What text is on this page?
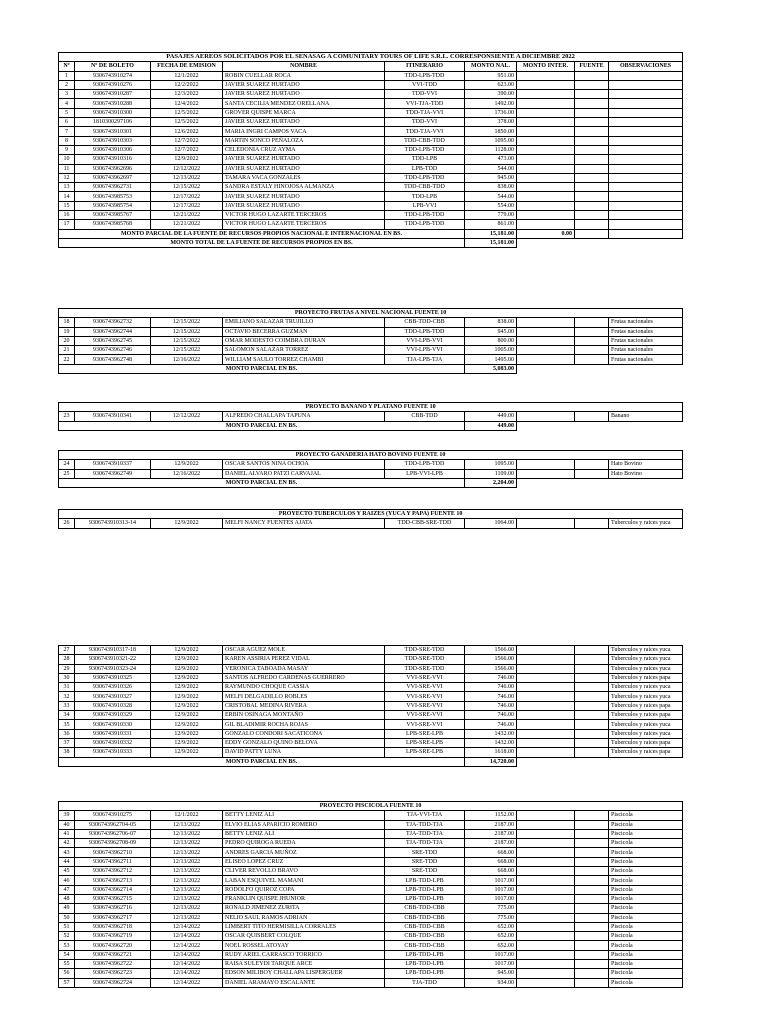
PASAJES AEREOS SOLICITADOS POR EL SENASAG A COMUNITARY TOURS OF LIFE S.R.L. CORRESPONSIENTE A DICIEMBRE 2022								
Nº	Nº DE BOLETO	FECHA DE EMISION	NOMBRE	ITINERARIO	MONTO NAL.	MONTO INTER.	FUENTE	OBSERVACIONES
1	9306743910274	12/1/2022	ROBIN CUELLAR ROCA	TDD-LPB-TDD	951.00			
2	9306743910276	12/2/2022	JAVIER SUAREZ HURTADO	VVI-TDD	623.00			
3	9306743910287	12/3/2022	JAVIER SUAREZ HURTADO	TDD-VVI	390.00			
4	9306743910288	12/4/2022	SANTA CECILIA MENDEZ ORELLANA	VVI-TJA-TDD	1492.00			
5	9306743910300	12/5/2022	GROVER QUISPE MARCA	TDD-TJA-VVI	1736.00			
6	1810300297106	12/5/2022	JAVIER SUAREZ HURTADO	TDD-VVI	378.00			
7	9306743910301	12/6/2022	MARIA INGRI CAMPOS VACA	TDD-TJA-VVI	1850.00			
8	9306743910303	12/7/2022	MARTIN SONCO PEÑALOZA	TDD-CBB-TDD	1095.00			
9	9306743910306	12/7/2022	CELEDONIA CRUZ AYMA	TDD-LPB-TDD	1128.00			
10	9306743910316	12/9/2022	JAVIER SUAREZ HURTADO	TDD-LPB	473.00			
11	9306743962696	12/12/2022	JAVIER SUAREZ HURTADO	LPB-TDD	544.00			
12	9306743962697	12/13/2022	TAMARA VACA GONZALES	TDD-LPB-TDD	945.00			
13	9306743962731	12/15/2022	SANDRA ESTALY HINOJOSA ALMANZA	TDD-CBB-TDD	838.00			
14	9306743985753	12/17/2022	JAVIER SUAREZ HURTADO	TDD-LPB	544.00			
15	9306743985754	12/17/2022	JAVIER SUAREZ HURTADO	LPB-VVI	554.00			
16	9306743985767	12/21/2022	VICTOR HUGO LAZARTE TERCEROS	TDD-LPB-TDD	779.00			
17	9306743985768	12/21/2022	VICTOR HUGO LAZARTE TERCEROS	TDD-LPB-TDD	861.00			
MONTO PARCIAL DE LA FUENTE DE RECURSOS PROPIOS NACIONAL E INTERNACIONAL EN BS.					15,181.00	0.00		
MONTO TOTAL DE LA FUENTE DE RECURSOS PROPIOS EN BS.					15,181.00			
PROYECTO FRUTAS A NIVEL NACIONAL FUENTE 10								
18	9306743962732	12/15/2022	EMILIANO SALAZAR TRUJILLO	CBB-TDD-CBB	838.00			Frutas nacionales
19	9306743962744	12/15/2022	OCTAVIO BECERRA GUZMAN	TDD-LPB-TDD	945.00			Frutas nacionales
20	9306743962745	12/15/2022	OMAR MODESTO COIMBRA DURAN	VVI-LPB-VVI	800.00			Frutas nacionales
21	9306743962746	12/15/2022	SALOMON SALAZAR TORREZ	VVI-LPB-VVI	1005.00			Frutas nacionales
22	9306743962748	12/16/2022	WILLIAM SAULO TORREZ CHAMBI	TJA-LPB-TJA	1495.00			Frutas nacionales
MONTO PARCIAL EN BS.					5,083.00			
PROYECTO BANANO Y PLATANO FUENTE 10								
23	9306743910341	12/12/2022	ALFREDO CHALLAPA TAPUNA	CBB-TDD	449.00			Banano
MONTO PARCIAL EN BS.					449.00			
PROYECTO GANADERIA HATO BOVINO FUENTE 10								
24	9306743910337	12/9/2022	OSCAR SANTOS NINA OCHOA	TDD-LPB-TDD	1095.00			Hato Bovino
25	9306743962749	12/16/2022	DANIEL ALVARO PATZI CARVAJAL	LPB-VVI-LPB	1109.00			Hato Bovino
MONTO PARCIAL EN BS.					2,204.00			
PROYECTO TUBERCULOS Y RAIZES (YUCA Y PAPA) FUENTE 10
26	9306743910313-14	12/9/2022	MELFI NANCY FUENTES AJATA	TDD-CBB-SRE-TDD	1064.00			Tuberculos y raices yuca
27	9306743910317-18	12/9/2022	OSCAR AGUEZ MOLE	TDD-SRE-TDD	1566.00			Tuberculos y raices yuca
28	9306743910321-22	12/9/2022	KAREN ASSIRIA PEREZ VIDAL	TDD-SRE-TDD	1566.00			Tuberculos y raices yuca
29	9306743910323-24	12/9/2022	VERONICA TABOADA MASAY	TDD-SRE-TDD	1566.00			Tuberculos y raices yuca
30	9306743910325	12/9/2022	SANTOS ALFREDO CARDENAS GUERRERO	VVI-SRE-VVI	746.00			Tuberculos y raices papa
31	9306743910326	12/9/2022	RAYMUNDO CHOQUE CASSIA	VVI-SRE-VVI	746.00			Tuberculos y raices yuca
32	9306743910327	12/9/2022	MELFI DELGADILLO ROBLES	VVI-SRE-VVI	746.00			Tuberculos y raices yuca
33	9306743910328	12/9/2022	CRISTOBAL MEDINA RIVERA	VVI-SRE-VVI	746.00			Tuberculos y raices papa
34	9306743910329	12/9/2022	ERBIN OSINAGA MONTAÑO	VVI-SRE-VVI	746.00			Tuberculos y raices papa
35	9306743910330	12/9/2022	GIL BLADIMIR ROCHA ROJAS	VVI-SRE-VVI	746.00			Tuberculos y raices yuca
36	9306743910331	12/9/2022	GONZALO CONDORI SACATICONA	LPB-SRE-LPB	1432.00			Tuberculos y raices yuca
37	9306743910332	12/9/2022	EDDY GONZALO QUINO BELOVA	LPB-SRE-LPB	1432.00			Tuberculos y raices papa
38	9306743910333	12/9/2022	DAVID PATTY LUNA	LPB-SRE-LPB	1618.00			Tuberculos y raices papa
MONTO PARCIAL EN BS.					14,720.00			
PROYECTO PISCICOLA FUENTE 10								
39	9306743910275	12/1/2022	BETTY LENIZ ALI	TJA-VVI-TJA	1152.00			Piscicola
40	9306743962704-05	12/13/2022	ELVIO ELIAS APARICIO ROMERO	TJA-TDD-TJA	2187.00			Piscicola
41	9306743962706-07	12/13/2022	BETTY LENIZ ALI	TJA-TDD-TJA	2187.00			Piscicola
42	9306743962708-09	12/13/2022	PEDRO QUIROGA RUEDA	TJA-TDD-TJA	2187.00			Piscicola
43	9306743962710	12/13/2022	ANDRES GARCIA MUÑOZ	SRE-TDD	668.00			Piscicola
44	9306743962711	12/13/2022	ELISEO LOPEZ CRUZ	SRE-TDD	668.00			Piscicola
45	9306743962712	12/13/2022	CLIVER REVOLLO BRAVO	SRE-TDD	668.00			Piscicola
46	9306743962713	12/13/2022	LABAN ESQUIVEL MAMANI	LPB-TDD-LPB	1017.00			Piscicola
47	9306743962714	12/13/2022	RODOLFO QUIROZ COPA	LPB-TDD-LPB	1017.00			Piscicola
48	9306743962715	12/13/2022	FRANKLIN QUISPE JHUNIOR	LPB-TDD-LPB	1017.00			Piscicola
49	9306743962716	12/13/2022	RONALD JIMENEZ ZURITA	CBB-TDD-CBB	775.00			Piscicola
50	9306743962717	12/13/2022	NELIO SAUL RAMOS ADRIAN	CBB-TDD-CBB	775.00			Piscicola
51	9306743962718	12/14/2022	LIMBERT TITO HERMISILLA CORRALES	CBB-TDD-CBB	652.00			Piscicola
52	9306743962719	12/14/2022	OSCAR QUISBERT COLQUE	CBB-TDD-CBB	652.00			Piscicola
53	9306743962720	12/14/2022	NOEL ROSSEL ATOYAY	CBB-TDD-CBB	652.00			Piscicola
54	9306743962721	12/14/2022	RUDY ARIEL CARRASCO TORRICO	LPB-TDD-LPB	1017.00			Piscicola
55	9306743962722	12/14/2022	RAISA SULEYDI TARQUE ARCE	LPB-TDD-LPB	1017.00			Piscicola
56	9306743962723	12/14/2022	EDSON MILIBOY CHALLAPA LISPERGUER	LPB-TDD-LPB	945.00			Piscicola
57	9306743962724	12/14/2022	DANIEL ARAMAYO ESCALANTE	TJA-TDD	934.00			Piscicola
